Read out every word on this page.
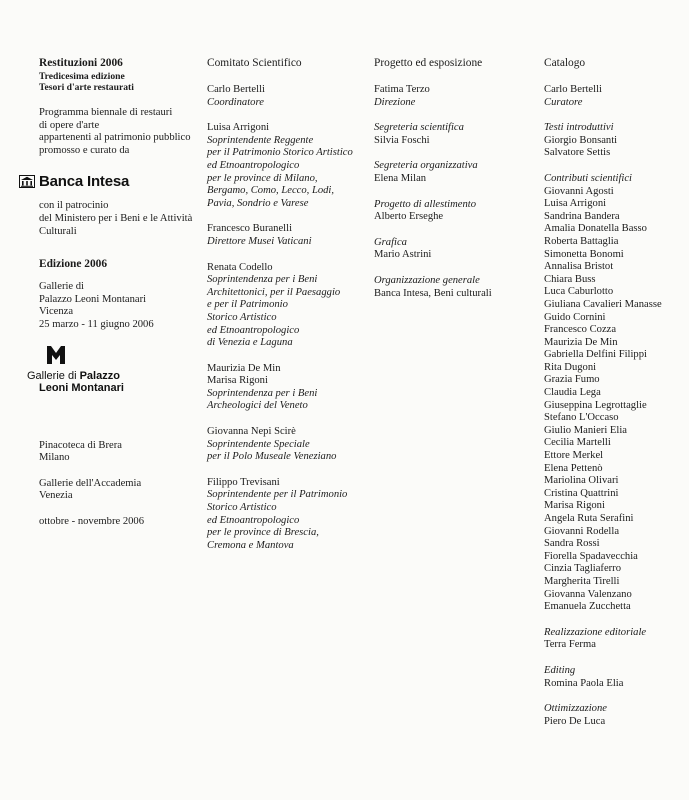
Restituzioni 2006
Tredicesima edizione
Tesori d'arte restaurati
Programma biennale di restauri
di opere d'arte
appartenenti al patrimonio pubblico
promosso e curato da
Banca Intesa
con il patrocinio
del Ministero per i Beni e le Attività
Culturali
Edizione 2006
Gallerie di
Palazzo Leoni Montanari
Vicenza
25 marzo - 11 giugno 2006
Gallerie di Palazzo
Leoni Montanari
Pinacoteca di Brera
Milano
Gallerie dell'Accademia
Venezia
ottobre - novembre 2006
Comitato Scientifico
Carlo Bertelli
Coordinatore
Luisa Arrigoni
Soprintendente Reggente
per il Patrimonio Storico Artistico
ed Etnoantropologico
per le province di Milano,
Bergamo, Como, Lecco, Lodi,
Pavia, Sondrio e Varese
Francesco Buranelli
Direttore Musei Vaticani
Renata Codello
Soprintendenza per i Beni
Architettonici, per il Paesaggio
e per il Patrimonio
Storico Artistico
ed Etnoantropologico
di Venezia e Laguna
Maurizia De Min
Marisa Rigoni
Soprintendenza per i Beni
Archeologici del Veneto
Giovanna Nepi Scirè
Soprintendente Speciale
per il Polo Museale Veneziano
Filippo Trevisani
Soprintendente per il Patrimonio
Storico Artistico
ed Etnoantropologico
per le province di Brescia,
Cremona e Mantova
Progetto ed esposizione
Fatima Terzo
Direzione
Segreteria scientifica
Silvia Foschi
Segreteria organizzativa
Elena Milan
Progetto di allestimento
Alberto Erseghe
Grafica
Mario Astrini
Organizzazione generale
Banca Intesa, Beni culturali
Catalogo
Carlo Bertelli
Curatore
Testi introduttivi
Giorgio Bonsanti
Salvatore Settis
Contributi scientifici
Giovanni Agosti
Luisa Arrigoni
Sandrina Bandera
Amalia Donatella Basso
Roberta Battaglia
Simonetta Bonomi
Annalisa Bristot
Chiara Buss
Luca Caburlotto
Giuliana Cavalieri Manasse
Guido Cornini
Francesco Cozza
Maurizia De Min
Gabriella Delfini Filippi
Rita Dugoni
Grazia Fumo
Claudia Lega
Giuseppina Legrottaglie
Stefano L'Occaso
Giulio Manieri Elia
Cecilia Martelli
Ettore Merkel
Elena Pettenò
Mariolina Olivari
Cristina Quattrini
Marisa Rigoni
Angela Ruta Serafini
Giovanni Rodella
Sandra Rossi
Fiorella Spadavecchia
Cinzia Tagliaferro
Margherita Tirelli
Giovanna Valenzano
Emanuela Zucchetta
Realizzazione editoriale
Terra Ferma
Editing
Romina Paola Elia
Ottimizzazione
Piero De Luca
